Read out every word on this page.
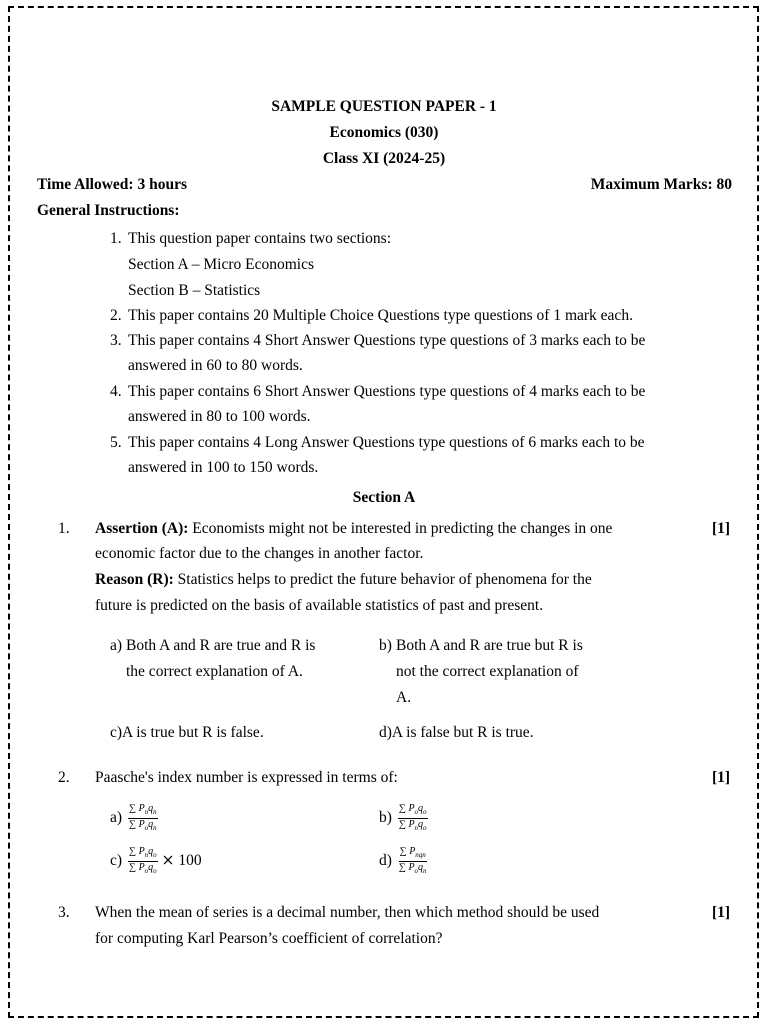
SAMPLE QUESTION PAPER - 1
Economics (030)
Class XI (2024-25)
Time Allowed: 3 hours	Maximum Marks: 80
General Instructions:
1. This question paper contains two sections:
Section A – Micro Economics
Section B – Statistics
2. This paper contains 20 Multiple Choice Questions type questions of 1 mark each.
3. This paper contains 4 Short Answer Questions type questions of 3 marks each to be
answered in 60 to 80 words.
4. This paper contains 6 Short Answer Questions type questions of 4 marks each to be
answered in 80 to 100 words.
5. This paper contains 4 Long Answer Questions type questions of 6 marks each to be
answered in 100 to 150 words.
Section A
1.	[1]
Assertion (A): Economists might not be interested in predicting the changes in one
economic factor due to the changes in another factor.
Reason (R): Statistics helps to predict the future behavior of phenomena for the
future is predicted on the basis of available statistics of past and present.
a) Both A and R are true and R is
the correct explanation of A.
b) Both A and R are true but R is
not the correct explanation of
A.
c)A is true but R is false.	d)A is false but R is true.
2.	[1]
Paasche's index number is expressed in terms of:
$a) \frac{\sum P_nq_n}{\sum P_oq_n}$	$b) \frac{\sum P_oq_o}{\sum P_nq_o}$
$c) \frac{\sum P_nq_o}{\sum P_oq_o} \times 100$	$d) \frac{\sum P_{nqn}}{\sum P_oq_n}$
3.	[1]
When the mean of series is a decimal number, then which method should be used
for computing Karl Pearson’s coefficient of correlation?
